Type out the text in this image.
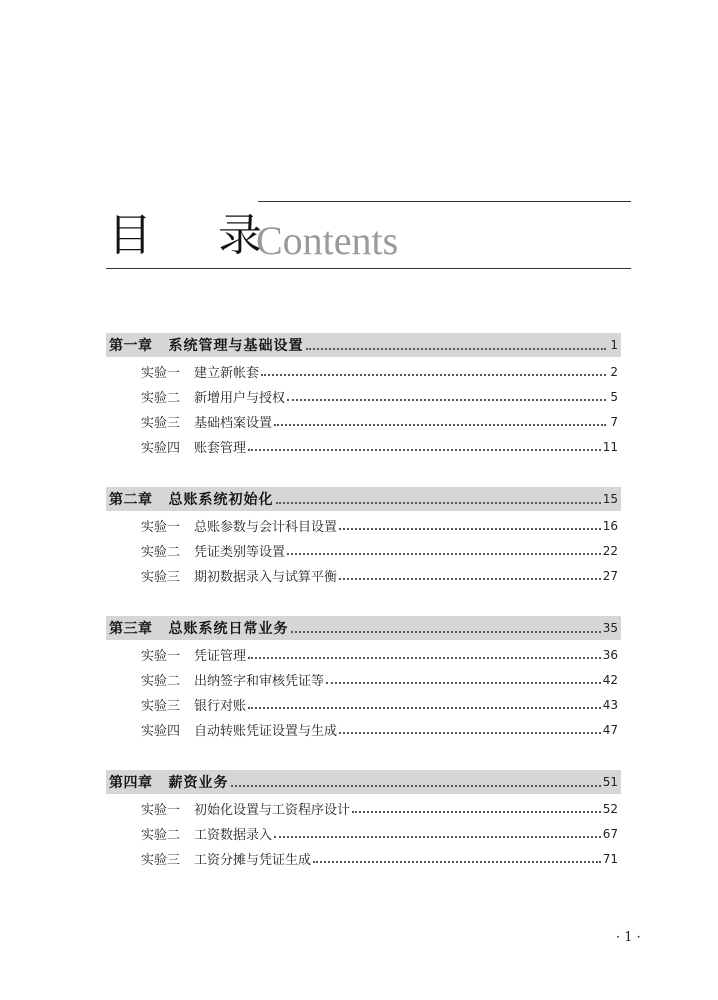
目 录
Contents
第一章 系统管理与基础设置	1
实验一 建立新帐套	2
实验二 新增用户与授权	5
实验三 基础档案设置	7
实验四 账套管理	11
第二章 总账系统初始化	15
实验一 总账参数与会计科目设置	16
实验二 凭证类别等设置	22
实验三 期初数据录入与试算平衡	27
第三章 总账系统日常业务	35
实验一 凭证管理	36
实验二 出纳签字和审核凭证等	42
实验三 银行对账	43
实验四 自动转账凭证设置与生成	47
第四章 薪资业务	51
实验一 初始化设置与工资程序设计	52
实验二 工资数据录入	67
实验三 工资分摊与凭证生成	71
· 1 ·
